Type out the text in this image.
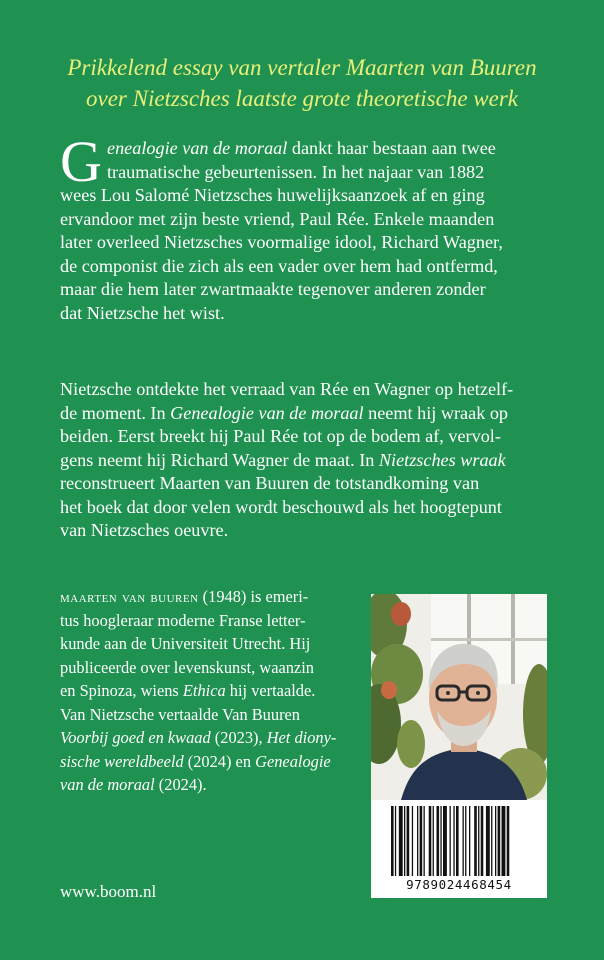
Prikkelend essay van vertaler Maarten van Buuren
over Nietzsches laatste grote theoretische werk
G enealogie van de moraal dankt haar bestaan aan twee
traumatische gebeurtenissen. In het najaar van 1882
wees Lou Salomé Nietzsches huwelijksaanzoek af en ging
ervandoor met zijn beste vriend, Paul Rée. Enkele maanden
later overleed Nietzsches voormalige idool, Richard Wagner,
de componist die zich als een vader over hem had ontfermd,
maar die hem later zwartmaakte tegenover anderen zonder
dat Nietzsche het wist.
Nietzsche ontdekte het verraad van Rée en Wagner op hetzelf-
de moment. In Genealogie van de moraal neemt hij wraak op
beiden. Eerst breekt hij Paul Rée tot op de bodem af, vervol-
gens neemt hij Richard Wagner de maat. In Nietzsches wraak
reconstrueert Maarten van Buuren de totstandkoming van
het boek dat door velen wordt beschouwd als het hoogtepunt
van Nietzsches oeuvre.
maarten van buuren (1948) is emeri-
tus hoogleraar moderne Franse letter-
kunde aan de Universiteit Utrecht. Hij
publiceerde over levenskunst, waanzin
en Spinoza, wiens Ethica hij vertaalde.
Van Nietzsche vertaalde Van Buuren
Voorbij goed en kwaad (2023), Het diony-
sische wereldbeeld (2024) en Genealogie
van de moraal (2024).
9789024468454
www.boom.nl
